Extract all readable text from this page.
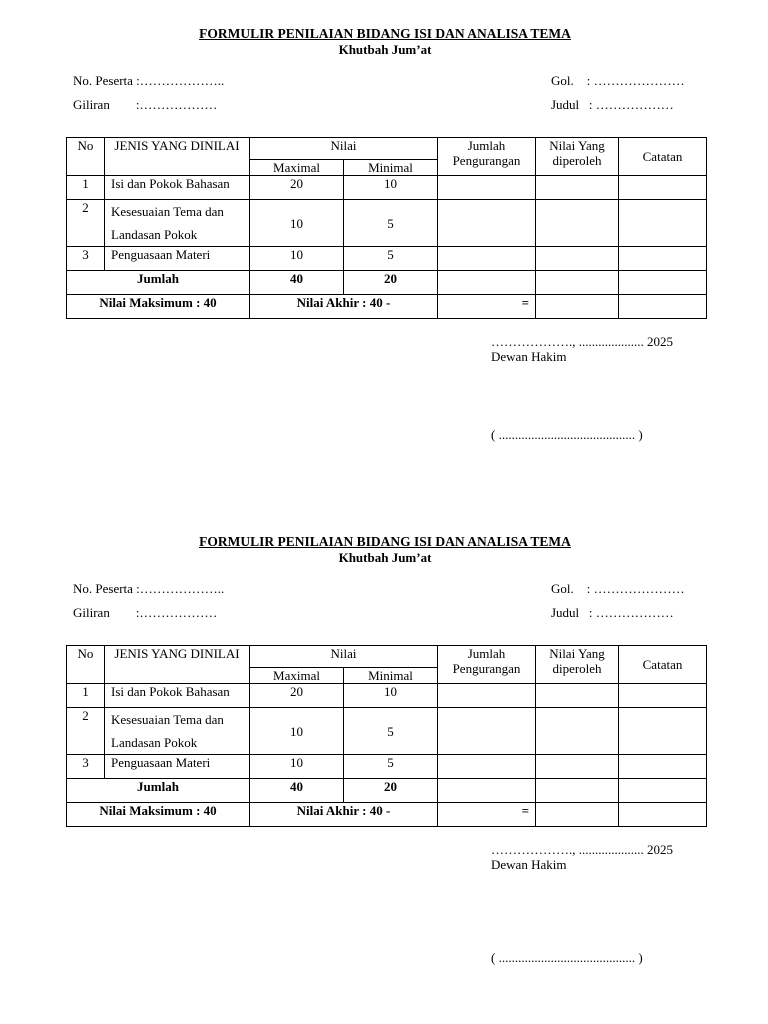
FORMULIR PENILAIAN BIDANG ISI DAN ANALISA TEMA
Khutbah Jum’at
No. Peserta :………………..	Gol.    : …………………
Giliran        :………………	Judul   : ………………
No	JENIS YANG DINILAI	Nilai		Jumlah Pengurangan	Nilai Yang diperoleh	Catatan
		Maximal	Minimal			
1	Isi dan Pokok Bahasan	20	10			
2	Kesesuaian Tema dan Landasan Pokok	10	5			
3	Penguasaan Materi	10	5			
Jumlah		40	20			
Nilai Maksimum : 40		Nilai Akhir : 40 -		=		
………………., .................... 2025
Dewan Hakim
( .......................................... )
FORMULIR PENILAIAN BIDANG ISI DAN ANALISA TEMA
Khutbah Jum’at
No. Peserta :………………..	Gol.    : …………………
Giliran        :………………	Judul   : ………………
No	JENIS YANG DINILAI	Nilai		Jumlah Pengurangan	Nilai Yang diperoleh	Catatan
		Maximal	Minimal			
1	Isi dan Pokok Bahasan	20	10			
2	Kesesuaian Tema dan Landasan Pokok	10	5			
3	Penguasaan Materi	10	5			
Jumlah		40	20			
Nilai Maksimum : 40		Nilai Akhir : 40 -		=		
………………., .................... 2025
Dewan Hakim
( .......................................... )
